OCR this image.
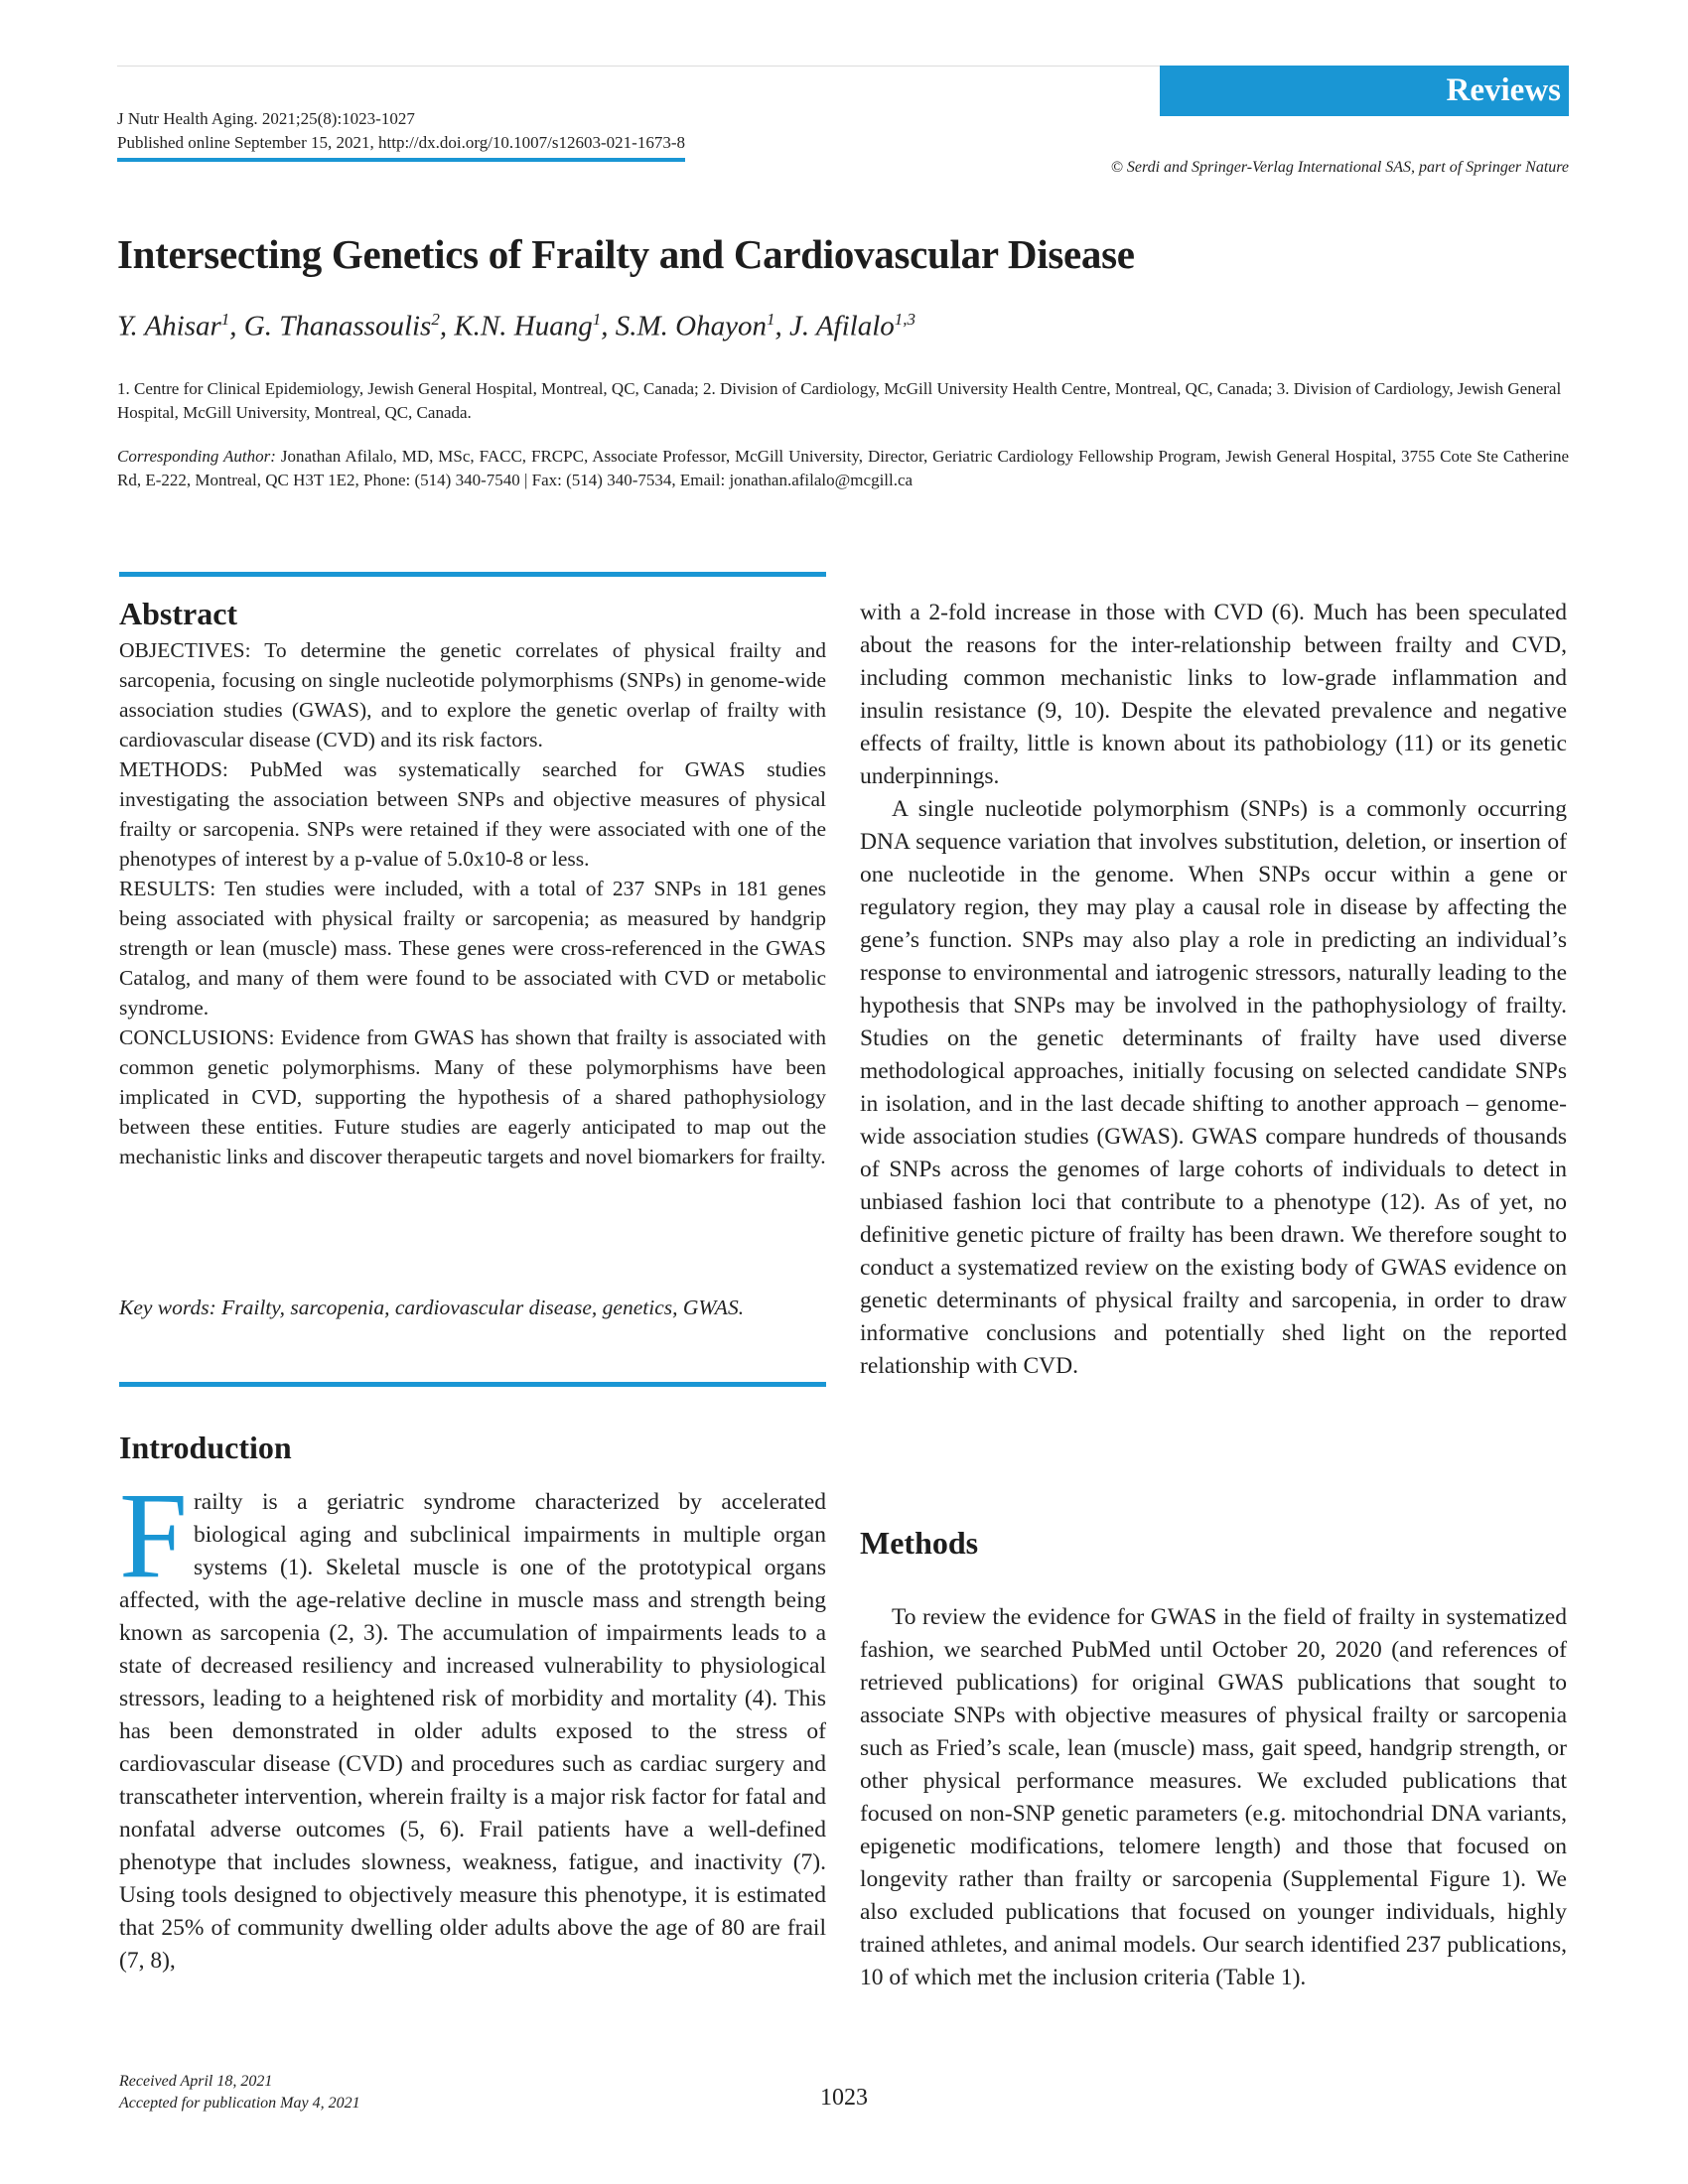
J Nutr Health Aging. 2021;25(8):1023-1027
Published online September 15, 2021, http://dx.doi.org/10.1007/s12603-021-1673-8
Reviews
© Serdi and Springer-Verlag International SAS, part of Springer Nature
Intersecting Genetics of Frailty and Cardiovascular Disease
Y. Ahisar$^1$, G. Thanassoulis$^2$, K.N. Huang$^1$, S.M. Ohayon$^1$, J. Afilalo$^{1,3}$
1. Centre for Clinical Epidemiology, Jewish General Hospital, Montreal, QC, Canada; 2. Division of Cardiology, McGill University Health Centre, Montreal, QC, Canada; 3. Division of Cardiology, Jewish General Hospital, McGill University, Montreal, QC, Canada.
Corresponding Author: Jonathan Afilalo, MD, MSc, FACC, FRCPC, Associate Professor, McGill University, Director, Geriatric Cardiology Fellowship Program, Jewish General Hospital, 3755 Cote Ste Catherine Rd, E-222, Montreal, QC H3T 1E2, Phone: (514) 340-7540 | Fax: (514) 340-7534, Email: jonathan.afilalo@mcgill.ca
Abstract

OBJECTIVES: To determine the genetic correlates of physical frailty and sarcopenia, focusing on single nucleotide polymorphisms (SNPs) in genome-wide association studies (GWAS), and to explore the genetic overlap of frailty with cardiovascular disease (CVD) and its risk factors.

METHODS: PubMed was systematically searched for GWAS studies investigating the association between SNPs and objective measures of physical frailty or sarcopenia. SNPs were retained if they were associated with one of the phenotypes of interest by a p-value of 5.0x10-8 or less.

RESULTS: Ten studies were included, with a total of 237 SNPs in 181 genes being associated with physical frailty or sarcopenia; as measured by handgrip strength or lean (muscle) mass. These genes were cross-referenced in the GWAS Catalog, and many of them were found to be associated with CVD or metabolic syndrome.

CONCLUSIONS: Evidence from GWAS has shown that frailty is associated with common genetic polymorphisms. Many of these polymorphisms have been implicated in CVD, supporting the hypothesis of a shared pathophysiology between these entities. Future studies are eagerly anticipated to map out the mechanistic links and discover therapeutic targets and novel biomarkers for frailty.

Key words: Frailty, sarcopenia, cardiovascular disease, genetics, GWAS.
Introduction
Frailty is a geriatric syndrome characterized by accelerated biological aging and subclinical impairments in multiple organ systems (1). Skeletal muscle is one of the prototypical organs affected, with the age-relative decline in muscle mass and strength being known as sarcopenia (2, 3). The accumulation of impairments leads to a state of decreased resiliency and increased vulnerability to physiological stressors, leading to a heightened risk of morbidity and mortality (4). This has been demonstrated in older adults exposed to the stress of cardiovascular disease (CVD) and procedures such as cardiac surgery and transcatheter intervention, wherein frailty is a major risk factor for fatal and nonfatal adverse outcomes (5, 6). Frail patients have a well-defined phenotype that includes slowness, weakness, fatigue, and inactivity (7). Using tools designed to objectively measure this phenotype, it is estimated that 25% of community dwelling older adults above the age of 80 are frail (7, 8),

with a 2-fold increase in those with CVD (6). Much has been speculated about the reasons for the inter-relationship between frailty and CVD, including common mechanistic links to low-grade inflammation and insulin resistance (9, 10). Despite the elevated prevalence and negative effects of frailty, little is known about its pathobiology (11) or its genetic underpinnings.

A single nucleotide polymorphism (SNPs) is a commonly occurring DNA sequence variation that involves substitution, deletion, or insertion of one nucleotide in the genome. When SNPs occur within a gene or regulatory region, they may play a causal role in disease by affecting the gene’s function. SNPs may also play a role in predicting an individual’s response to environmental and iatrogenic stressors, naturally leading to the hypothesis that SNPs may be involved in the pathophysiology of frailty. Studies on the genetic determinants of frailty have used diverse methodological approaches, initially focusing on selected candidate SNPs in isolation, and in the last decade shifting to another approach – genome-wide association studies (GWAS). GWAS compare hundreds of thousands of SNPs across the genomes of large cohorts of individuals to detect in unbiased fashion loci that contribute to a phenotype (12). As of yet, no definitive genetic picture of frailty has been drawn. We therefore sought to conduct a systematized review on the existing body of GWAS evidence on genetic determinants of physical frailty and sarcopenia, in order to draw informative conclusions and potentially shed light on the reported relationship with CVD.

Methods

To review the evidence for GWAS in the field of frailty in systematized fashion, we searched PubMed until October 20, 2020 (and references of retrieved publications) for original GWAS publications that sought to associate SNPs with objective measures of physical frailty or sarcopenia such as Fried’s scale, lean (muscle) mass, gait speed, handgrip strength, or other physical performance measures. We excluded publications that focused on non-SNP genetic parameters (e.g. mitochondrial DNA variants, epigenetic modifications, telomere length) and those that focused on longevity rather than frailty or sarcopenia (Supplemental Figure 1). We also excluded publications that focused on younger individuals, highly trained athletes, and animal models. Our search identified 237 publications, 10 of which met the inclusion criteria (Table 1).

Received April 18, 2021
Accepted for publication May 4, 2021	1023
